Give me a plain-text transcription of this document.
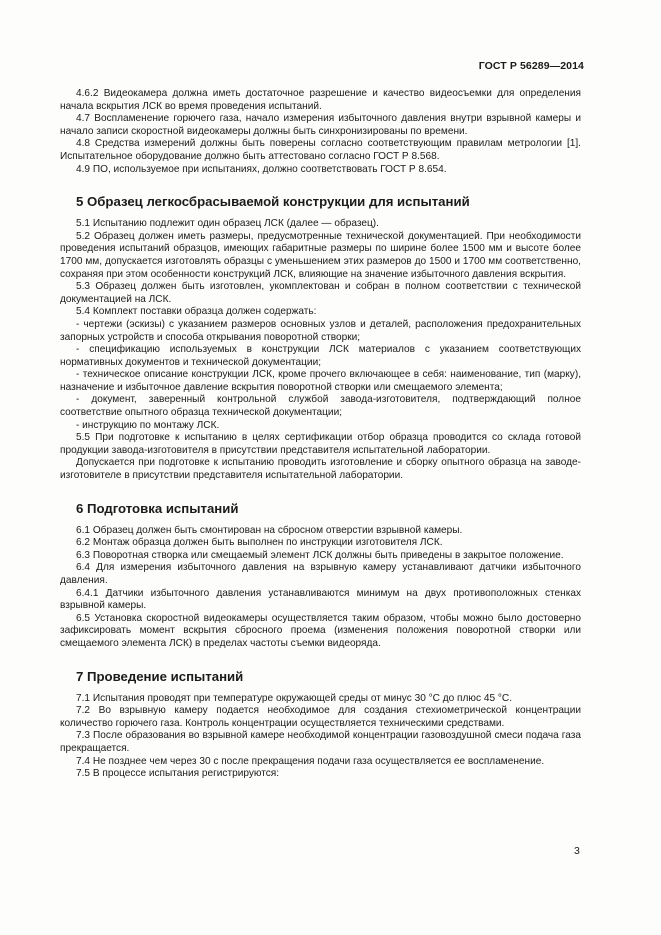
ГОСТ Р 56289—2014

4.6.2 Видеокамера должна иметь достаточное разрешение и качество видеосъемки для определения начала вскрытия ЛСК во время проведения испытаний.

4.7 Воспламенение горючего газа, начало измерения избыточного давления внутри взрывной камеры и начало записи скоростной видеокамеры должны быть синхронизированы по времени.

4.8 Средства измерений должны быть поверены согласно соответствующим правилам метрологии [1]. Испытательное оборудование должно быть аттестовано согласно ГОСТ Р 8.568.

4.9 ПО, используемое при испытаниях, должно соответствовать ГОСТ Р 8.654.

5 Образец легкосбрасываемой конструкции для испытаний

5.1 Испытанию подлежит один образец ЛСК (далее — образец).

5.2 Образец должен иметь размеры, предусмотренные технической документацией. При необходимости проведения испытаний образцов, имеющих габаритные размеры по ширине более 1500 мм и высоте более 1700 мм, допускается изготовлять образцы с уменьшением этих размеров до 1500 и 1700 мм соответственно, сохраняя при этом особенности конструкций ЛСК, влияющие на значение избыточного давления вскрытия.

5.3 Образец должен быть изготовлен, укомплектован и собран в полном соответствии с технической документацией на ЛСК.

5.4 Комплект поставки образца должен содержать:

- чертежи (эскизы) с указанием размеров основных узлов и деталей, расположения предохранительных запорных устройств и способа открывания поворотной створки;

- спецификацию используемых в конструкции ЛСК материалов с указанием соответствующих нормативных документов и технической документации;

- техническое описание конструкции ЛСК, кроме прочего включающее в себя: наименование, тип (марку), назначение и избыточное давление вскрытия поворотной створки или смещаемого элемента;

- документ, заверенный контрольной службой завода-изготовителя, подтверждающий полное соответствие опытного образца технической документации;

- инструкцию по монтажу ЛСК.

5.5 При подготовке к испытанию в целях сертификации отбор образца проводится со склада готовой продукции завода-изготовителя в присутствии представителя испытательной лаборатории.

Допускается при подготовке к испытанию проводить изготовление и сборку опытного образца на заводе-изготовителе в присутствии представителя испытательной лаборатории.

6 Подготовка испытаний

6.1 Образец должен быть смонтирован на сбросном отверстии взрывной камеры.

6.2 Монтаж образца должен быть выполнен по инструкции изготовителя ЛСК.

6.3 Поворотная створка или смещаемый элемент ЛСК должны быть приведены в закрытое положение.

6.4 Для измерения избыточного давления на взрывную камеру устанавливают датчики избыточного давления.

6.4.1 Датчики избыточного давления устанавливаются минимум на двух противоположных стенках взрывной камеры.

6.5 Установка скоростной видеокамеры осуществляется таким образом, чтобы можно было достоверно зафиксировать момент вскрытия сбросного проема (изменения положения поворотной створки или смещаемого элемента ЛСК) в пределах частоты съемки видеоряда.

7 Проведение испытаний

7.1 Испытания проводят при температуре окружающей среды от минус 30 °С до плюс 45 °С.

7.2 Во взрывную камеру подается необходимое для создания стехиометрической концентрации количество горючего газа. Контроль концентрации осуществляется техническими средствами.

7.3 После образования во взрывной камере необходимой концентрации газовоздушной смеси подача газа прекращается.

7.4 Не позднее чем через 30 с после прекращения подачи газа осуществляется ее воспламенение.

7.5 В процессе испытания регистрируются:

3
